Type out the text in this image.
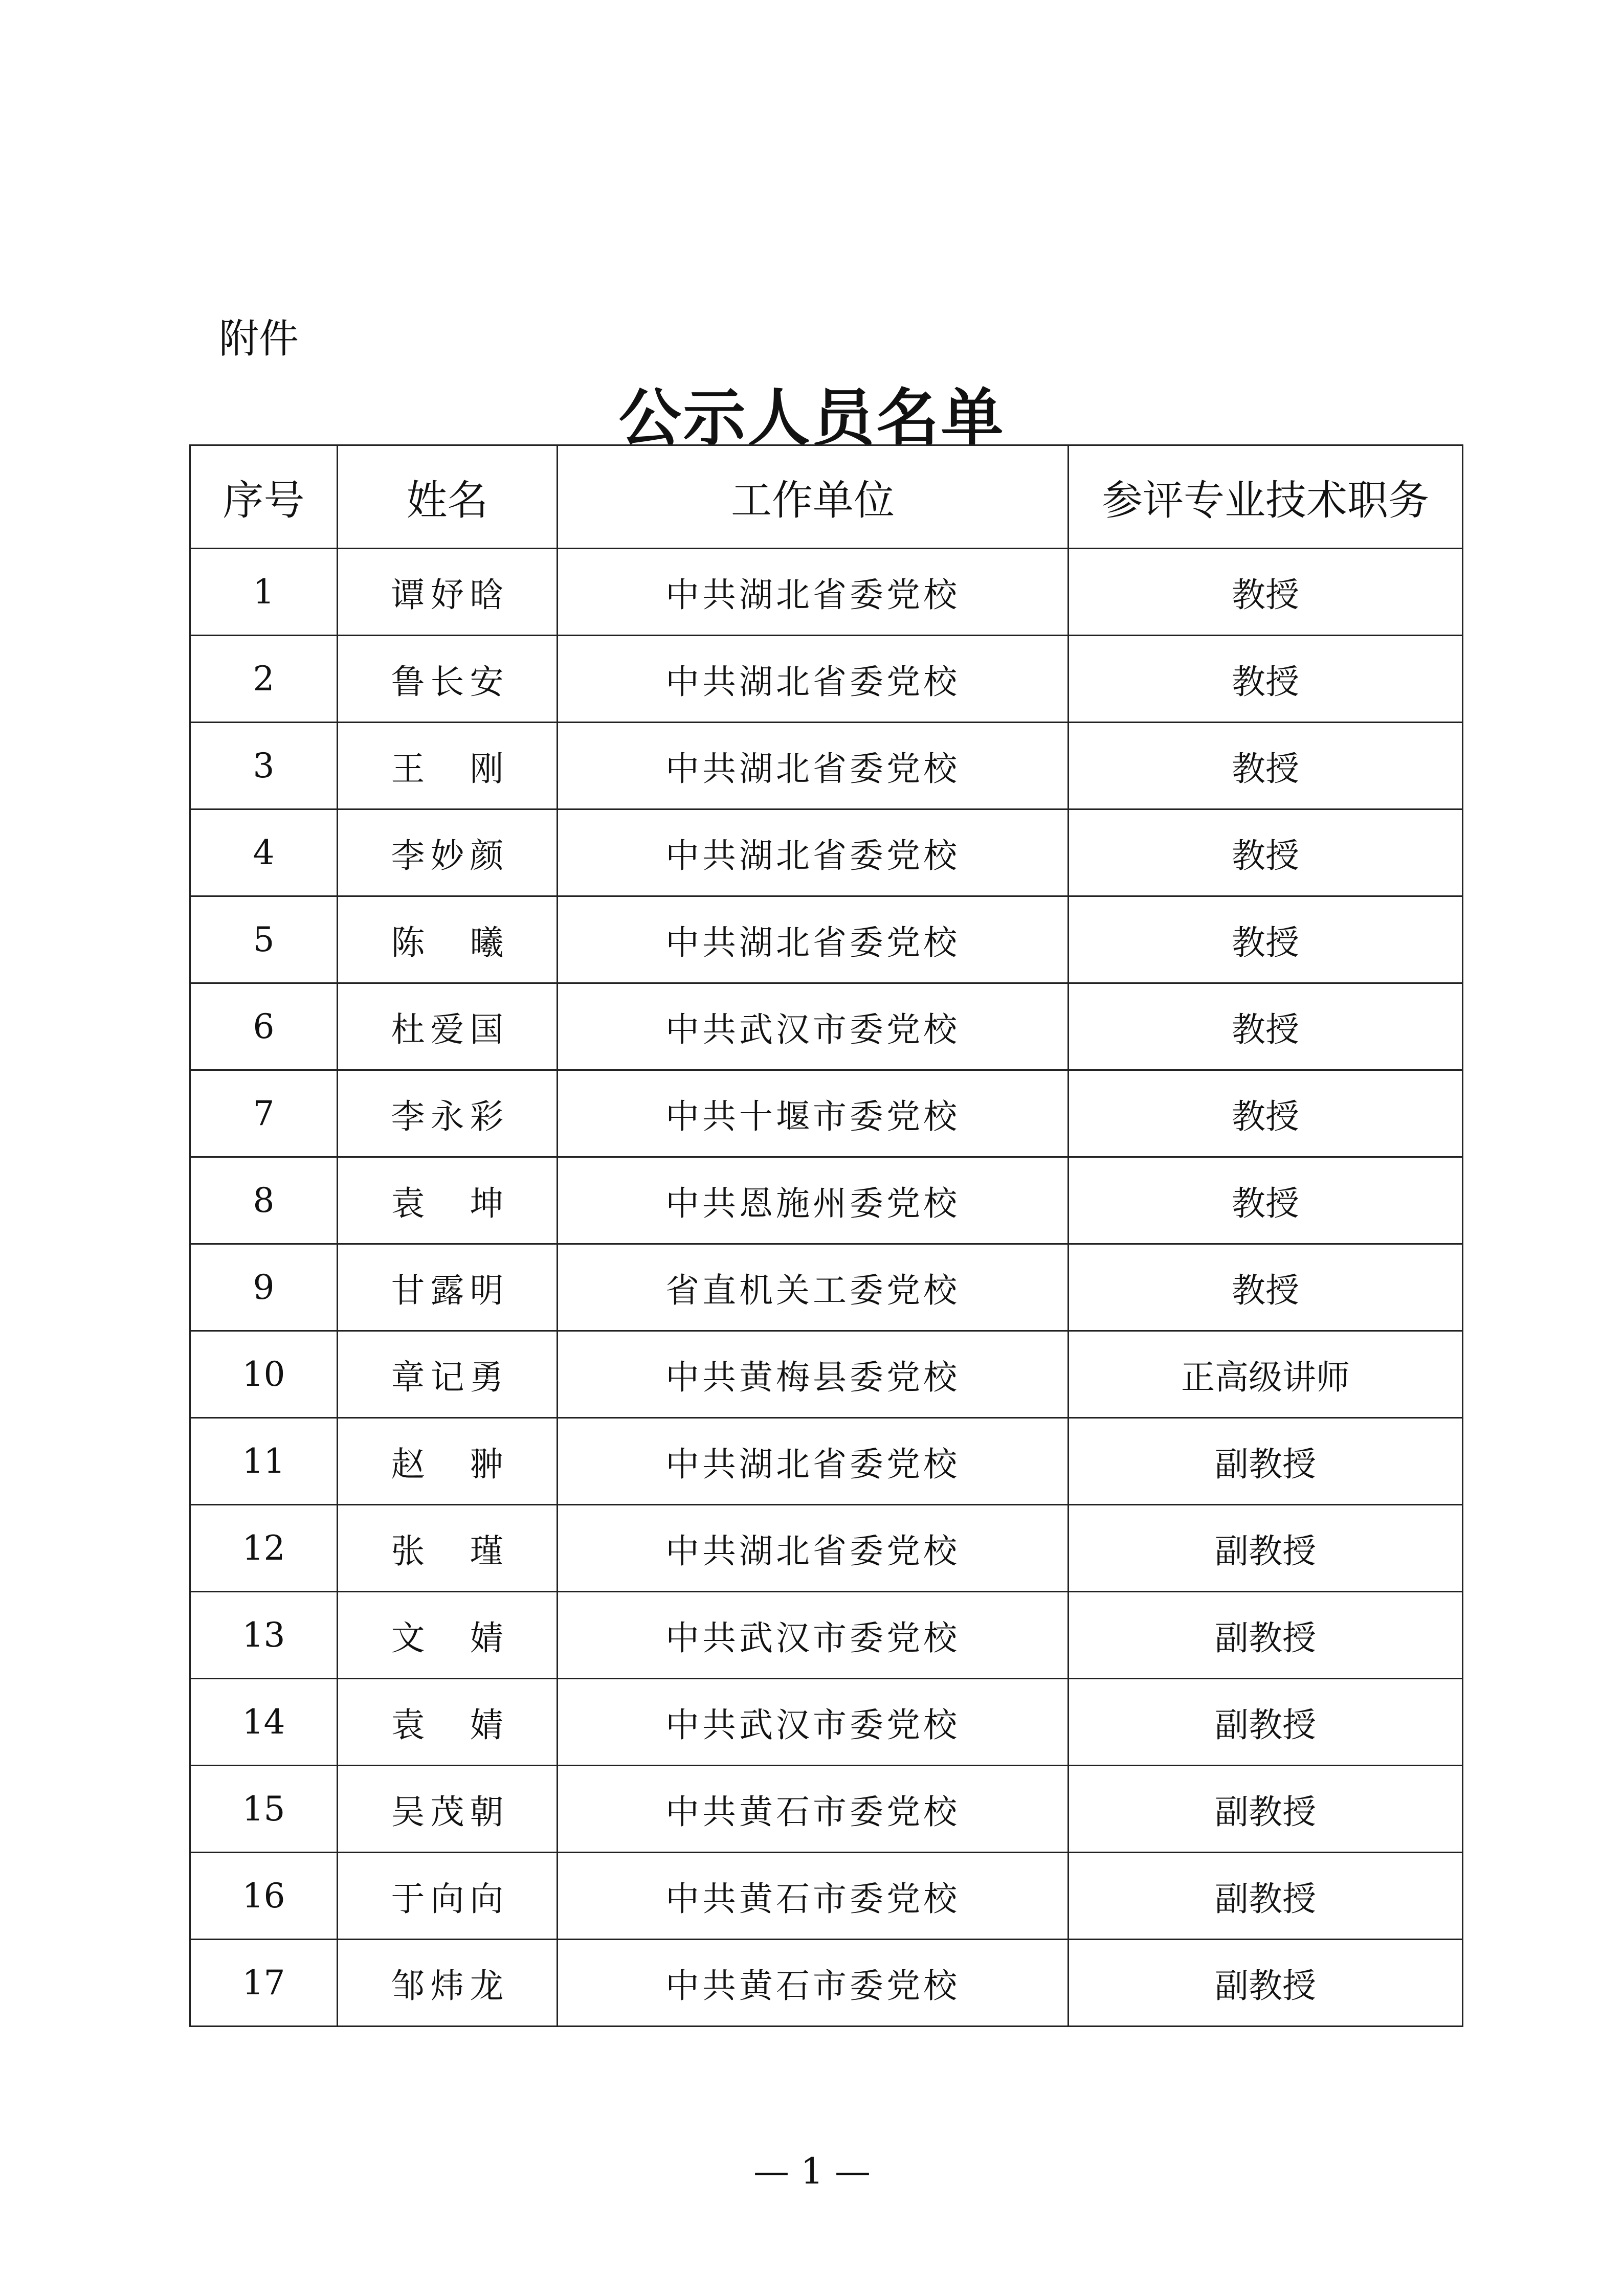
附件
公示人员名单
序号	姓名	工作单位	参评专业技术职务
1	谭妤晗	中共湖北省委党校	教授
2	鲁长安	中共湖北省委党校	教授
3	王刚	中共湖北省委党校	教授
4	李妙颜	中共湖北省委党校	教授
5	陈曦	中共湖北省委党校	教授
6	杜爱国	中共武汉市委党校	教授
7	李永彩	中共十堰市委党校	教授
8	袁坤	中共恩施州委党校	教授
9	甘露明	省直机关工委党校	教授
10	章记勇	中共黄梅县委党校	正高级讲师
11	赵翀	中共湖北省委党校	副教授
12	张瑾	中共湖北省委党校	副教授
13	文婧	中共武汉市委党校	副教授
14	袁婧	中共武汉市委党校	副教授
15	吴茂朝	中共黄石市委党校	副教授
16	于向向	中共黄石市委党校	副教授
17	邹炜龙	中共黄石市委党校	副教授
— 1 —
